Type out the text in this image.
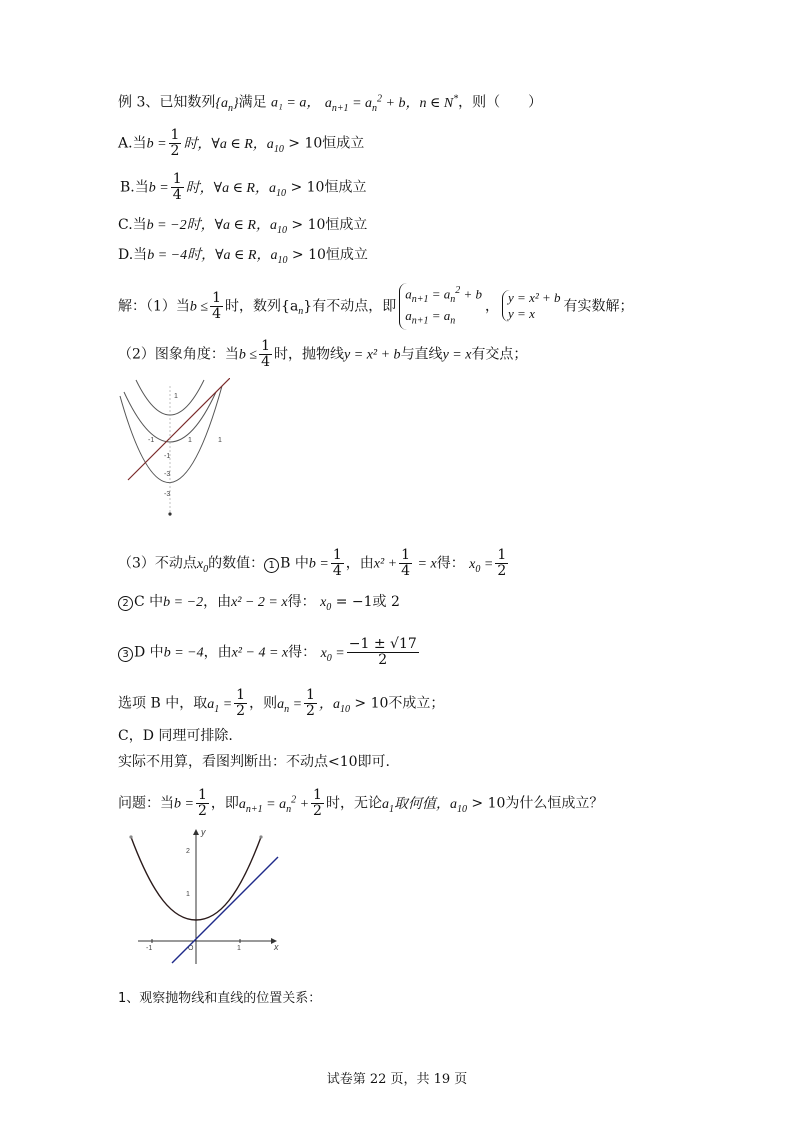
例 3、已知数列$\{a_n\}$满足 a₁ = a， $a_{n+1} = a_n^2 + b$，n ∈ N*，则（　　）
A.当$b = \frac{1}{2}$ 时，∀a ∈ R，$a_{10} > 10$恒成立
B.当$b = \frac{1}{4}$ 时，∀a ∈ R，$a_{10} > 10$恒成立
C.当b = −2时，∀a ∈ R，$a_{10} > 10$恒成立
D.当b = −4时，∀a ∈ R，$a_{10} > 10$恒成立
解：（1）当$b \le \frac{1}{4}$ 时，数列$\{a_n\}$有不动点，即
$a_{n+1} = a_n^2 + b$
$a_{n+1} = a_n$
，
y = x² + b
y = x	有实数解；
（2）图象角度：当$b \le \frac{1}{4}$ 时，抛物线y = x² + b与直线y = x有交点；
1
-1
-1
1	1
-3
-3
（3）不动点$x_0$的数值： 1 B 中$b = \frac{1}{4}$ ，由$x^2 + \frac{1}{4} = x$得： $x_0 = \frac{1}{2}$
2 C 中b = −2，由x² − 2 = x得： $x_0 = -1$或 2
3 D 中b = −4，由x² − 4 = x得： $x_0 = \frac{-1 \pm √17}{2}$
选项 B 中，取$a_1 = \frac{1}{2}$ ，则$a_n = \frac{1}{2}$ ，$a_{10} > 10$不成立；
C，D 同理可排除.
实际不用算，看图判断出：不动点<10即可.
问题：当$b = \frac{1}{2}$ ，即$a_{n+1} = a_n^2 + \frac{1}{2}$ 时，无论$a_1$取何值，$a_{10} > 10$为什么恒成立？
y
x
2
1
-1	O	1
1、观察抛物线和直线的位置关系：
试卷第 22 页，共 19 页
